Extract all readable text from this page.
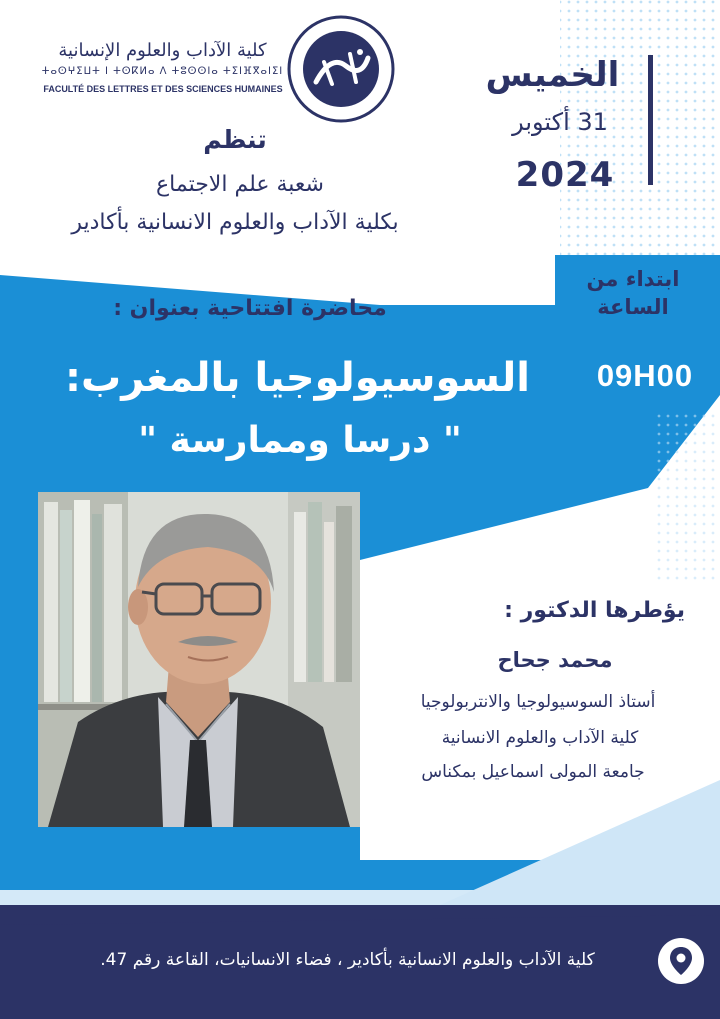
كلية الآداب والعلوم الإنسانية
ⵜⴰⵙⵖⵉⵡⵜ ⵏ ⵜⵙⴽⵍⴰ ⴷ ⵜⵓⵙⵙⵏⴰ ⵜⵉⵏⴼⴳⴰⵏⵉⵏ
FACULTÉ DES LETTRES ET DES SCIENCES HUMAINES
تنظم
شعبة علم الاجتماع
بكلية الآداب والعلوم الانسانية بأكادير
الخميس
31 أكتوبر
2024
ابتداء من
الساعة
09H00
محاضرة افتتاحية بعنوان :
السوسيولوجيا بالمغرب:
" درسا وممارسة "
يؤطرها الدكتور :
محمد جحاح
أستاذ السوسيولوجيا والانتربولوجيا
كلية الآداب والعلوم الانسانية
جامعة المولى اسماعيل بمكناس
كلية الآداب والعلوم الانسانية بأكادير ، فضاء الانسانيات، القاعة رقم 47.
